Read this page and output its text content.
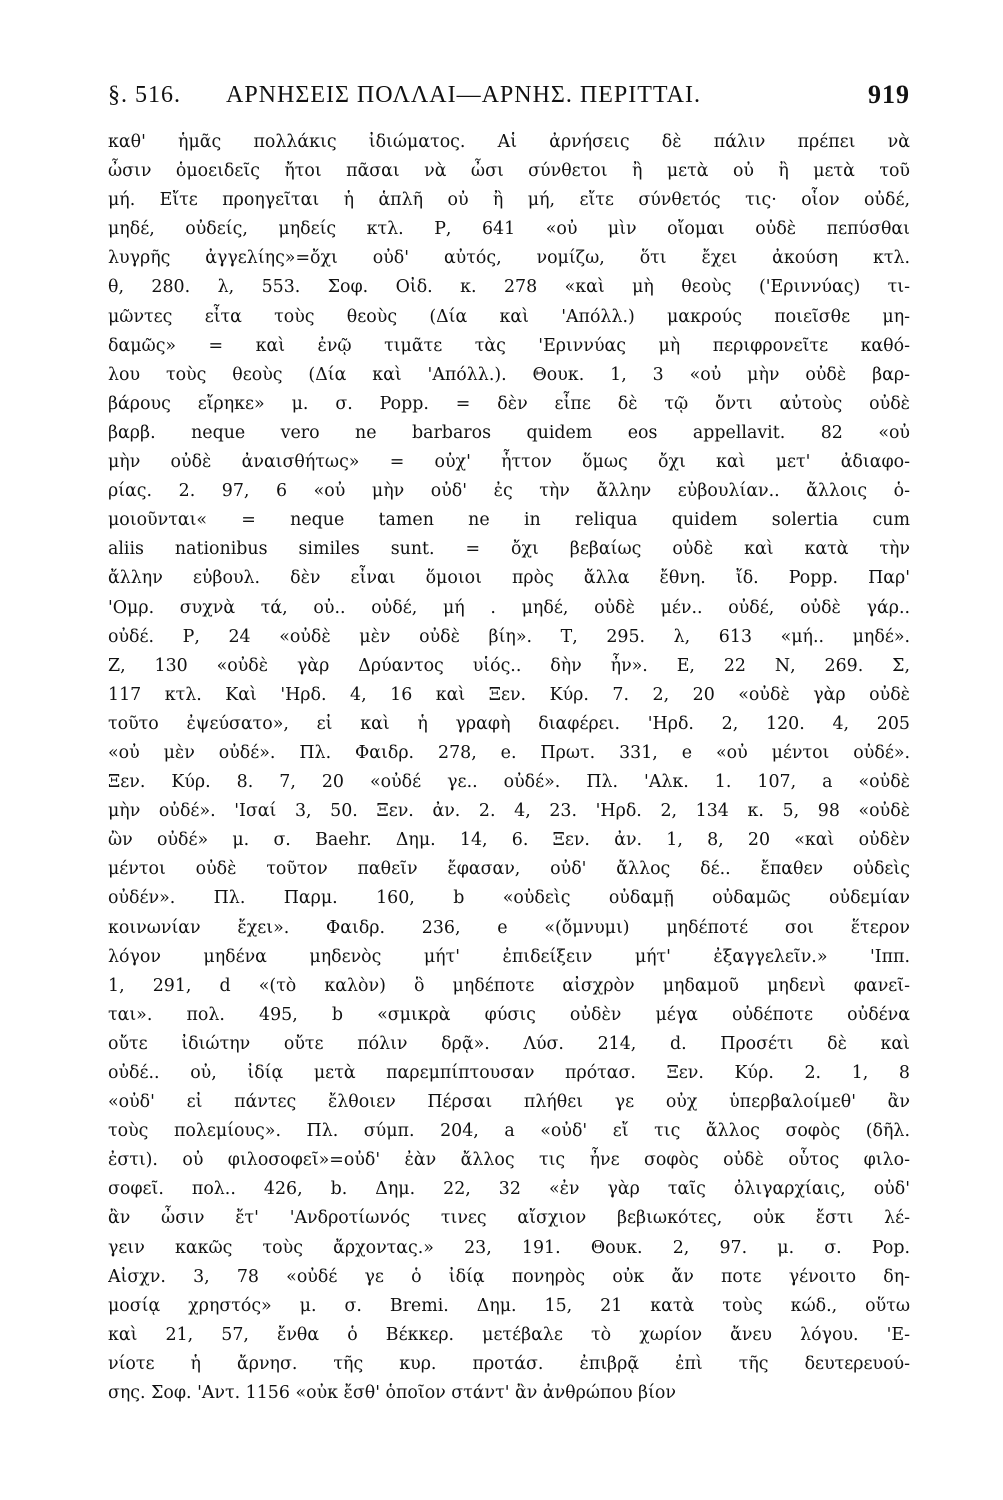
§. 516. ΑΡΝΗΣΕΙΣ ΠΟΛΛΑΙ—ΑΡΝΗΣ. ΠΕΡΙΤΤΑΙ.	919
καθ' ἡμᾶς πολλάκις ἰδιώματος. Αἱ ἀρνήσεις δὲ πάλιν πρέπει νὰ
ὦσιν ὁμοειδεῖς ἤτοι πᾶσαι νὰ ὦσι σύνθετοι ἢ μετὰ οὐ ἢ μετὰ τοῦ
μή. Εἴτε προηγεῖται ἡ ἁπλῆ οὐ ἢ μή, εἴτε σύνθετός τις· οἷον οὐδέ,
μηδέ, οὐδείς, μηδείς κτλ. Ρ, 641 «οὐ μὶν οἴομαι οὐδὲ πεπύσθαι
λυγρῆς ἀγγελίης»=ὄχι οὐδ' αὐτός, νομίζω, ὅτι ἔχει ἀκούση κτλ.
θ, 280. λ, 553. Σοφ. Οἰδ. κ. 278 «καὶ μὴ θεοὺς ('Εριννύας) τι-
μῶντες εἶτα τοὺς θεοὺς (Δία καὶ 'Απόλλ.) μακρούς ποιεῖσθε μη-
δαμῶς» = καὶ ἐνῷ τιμᾶτε τὰς 'Εριννύας μὴ περιφρονεῖτε καθό-
λου τοὺς θεοὺς (Δία καὶ 'Απόλλ.). Θουκ. 1, 3 «οὐ μὴν οὐδὲ βαρ-
βάρους εἴρηκε» μ. σ. Popp. = δὲν εἶπε δὲ τῷ ὄντι αὐτοὺς οὐδὲ
βαρβ. neque vero ne barbaros quidem eos appellavit. 82 «οὐ
μὴν οὐδὲ ἀναισθήτως» = οὐχ' ἧττον ὅμως ὄχι καὶ μετ' ἀδιαφο-
ρίας. 2. 97, 6 «οὐ μὴν οὐδ' ἐς τὴν ἄλλην εὐβουλίαν.. ἄλλοις ὁ-
μοιοῦνται« = neque tamen ne in reliqua quidem solertia cum
aliis nationibus similes sunt. = ὄχι βεβαίως οὐδὲ καὶ κατὰ τὴν
ἄλλην εὐβουλ. δὲν εἶναι ὅμοιοι πρὸς ἄλλα ἔθνη. ἴδ. Popp. Παρ'
'Ομρ. συχνὰ τά, οὐ.. οὐδέ, μή . μηδέ, οὐδὲ μέν.. οὐδέ, οὐδὲ γάρ..
οὐδέ. Ρ, 24 «οὐδὲ μὲν οὐδὲ βίη». Τ, 295. λ, 613 «μή.. μηδέ».
Ζ, 130 «οὐδὲ γὰρ Δρύαντος υἱός.. δὴν ἦν». Ε, 22 Ν, 269. Σ,
117 κτλ. Καὶ 'Ηρδ. 4, 16 καὶ Ξεν. Κύρ. 7. 2, 20 «οὐδὲ γὰρ οὐδὲ
τοῦτο ἐψεύσατο», εἰ καὶ ἡ γραφὴ διαφέρει. 'Ηρδ. 2, 120. 4, 205
«οὐ μὲν οὐδέ». Πλ. Φαιδρ. 278, e. Πρωτ. 331, e «οὐ μέντοι οὐδέ».
Ξεν. Κύρ. 8. 7, 20 «οὐδέ γε.. οὐδέ». Πλ. 'Αλκ. 1. 107, a «οὐδὲ
μὴν οὐδέ». 'Ισαί 3, 50. Ξεν. ἀν. 2. 4, 23. 'Ηρδ. 2, 134 κ. 5, 98 «οὐδὲ
ὢν οὐδέ» μ. σ. Baehr. Δημ. 14, 6. Ξεν. ἀν. 1, 8, 20 «καὶ οὐδὲν
μέντοι οὐδὲ τοῦτον παθεῖν ἔφασαν, οὐδ' ἄλλος δέ.. ἔπαθεν οὐδεὶς
οὐδέν». Πλ. Παρμ. 160, b «οὐδεὶς οὐδαμῇ οὐδαμῶς οὐδεμίαν
κοινωνίαν ἔχει». Φαιδρ. 236, e «(ὄμνυμι) μηδέποτέ σοι ἕτερον
λόγον μηδένα μηδενὸς μήτ' ἐπιδείξειν μήτ' ἐξαγγελεῖν.» 'Ιππ.
1, 291, d «(τὸ καλὸν) ὃ μηδέποτε αἰσχρὸν μηδαμοῦ μηδενὶ φανεῖ-
ται». πολ. 495, b «σμικρὰ φύσις οὐδὲν μέγα οὐδέποτε οὐδένα
οὔτε ἰδιώτην οὔτε πόλιν δρᾷ». Λύσ. 214, d. Προσέτι δὲ καὶ
οὐδέ.. οὐ, ἰδίᾳ μετὰ παρεμπίπτουσαν πρότασ. Ξεν. Κύρ. 2. 1, 8
«οὐδ' εἰ πάντες ἔλθοιεν Πέρσαι πλήθει γε οὐχ ὑπερβαλοίμεθ' ἂν
τοὺς πολεμίους». Πλ. σύμπ. 204, a «οὐδ' εἴ τις ἄλλος σοφὸς (δῆλ.
ἐστι). οὐ φιλοσοφεῖ»=οὐδ' ἐὰν ἄλλος τις ἦνε σοφὸς οὐδὲ οὗτος φιλο-
σοφεῖ. πολ.. 426, b. Δημ. 22, 32 «ἐν γὰρ ταῖς ὀλιγαρχίαις, οὐδ'
ἂν ὦσιν ἔτ' 'Ανδροτίωνός τινες αἴσχιον βεβιωκότες, οὐκ ἔστι λέ-
γειν κακῶς τοὺς ἄρχοντας.» 23, 191. Θουκ. 2, 97. μ. σ. Pop.
Αἰσχν. 3, 78 «οὐδέ γε ὁ ἰδίᾳ πονηρὸς οὐκ ἄν ποτε γένοιτο δη-
μοσίᾳ χρηστός» μ. σ. Bremi. Δημ. 15, 21 κατὰ τοὺς κώδ., οὕτω
καὶ 21, 57, ἔνθα ὁ Βέκκερ. μετέβαλε τὸ χωρίον ἄνευ λόγου. 'Ε-
νίοτε ἡ ἄρνησ. τῆς κυρ. προτάσ. ἐπιβρᾷ ἐπὶ τῆς δευτερευού-
σης. Σοφ. 'Αντ. 1156 «οὐκ ἔσθ' ὁποῖον στάντ' ἂν ἀνθρώπου βίον
